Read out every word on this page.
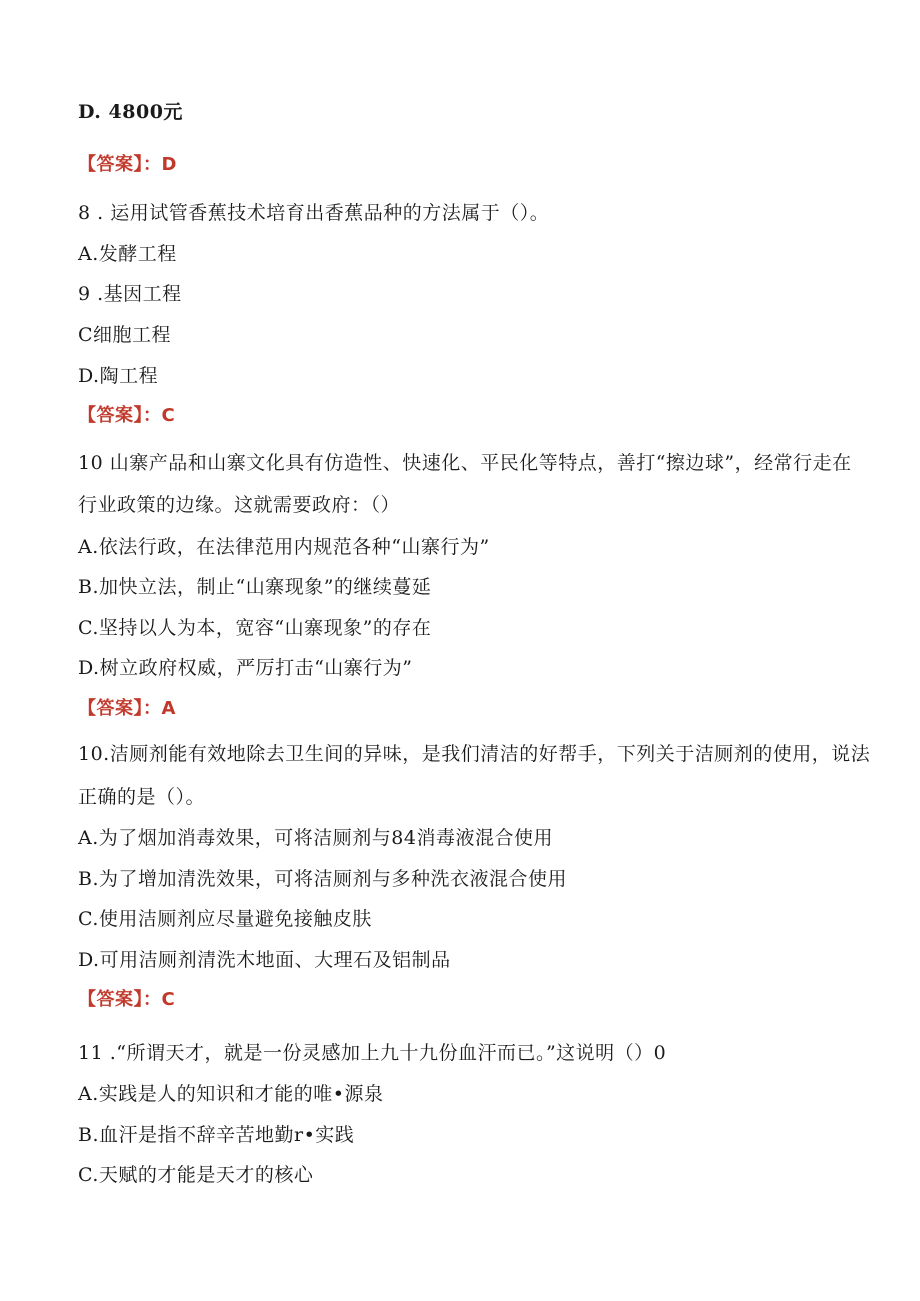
D. 4800元
【答案】：D
8 . 运用试管香蕉技术培育出香蕉品种的方法属于（）。
A.发酵工程
9 .基因工程
C细胞工程
D.陶工程
【答案】：C
10 山寨产品和山寨文化具有仿造性、快速化、平民化等特点，善打“擦边球”，经常行走在
行业政策的边缘。这就需要政府：（）
A.依法行政，在法律范用内规范各种“山寨行为”
B.加快立法，制止“山寨现象”的继续蔓延
C.坚持以人为本，宽容“山寨现象”的存在
D.树立政府权威，严厉打击“山寨行为”
【答案】：A
10.洁厕剂能有效地除去卫生间的异味，是我们清洁的好帮手，下列关于洁厕剂的使用，说法
正确的是（）。
A.为了烟加消毒效果，可将洁厕剂与84消毒液混合使用
B.为了增加清洗效果，可将洁厕剂与多种洗衣液混合使用
C.使用洁厕剂应尽量避免接触皮肤
D.可用洁厕剂清洗木地面、大理石及铝制品
【答案】：C
11 .“所谓天才，就是一份灵感加上九十九份血汗而已。”这说明（）0
A.实践是人的知识和才能的唯•源泉
B.血汗是指不辞辛苦地勤r•实践
C.天赋的才能是天才的核心
